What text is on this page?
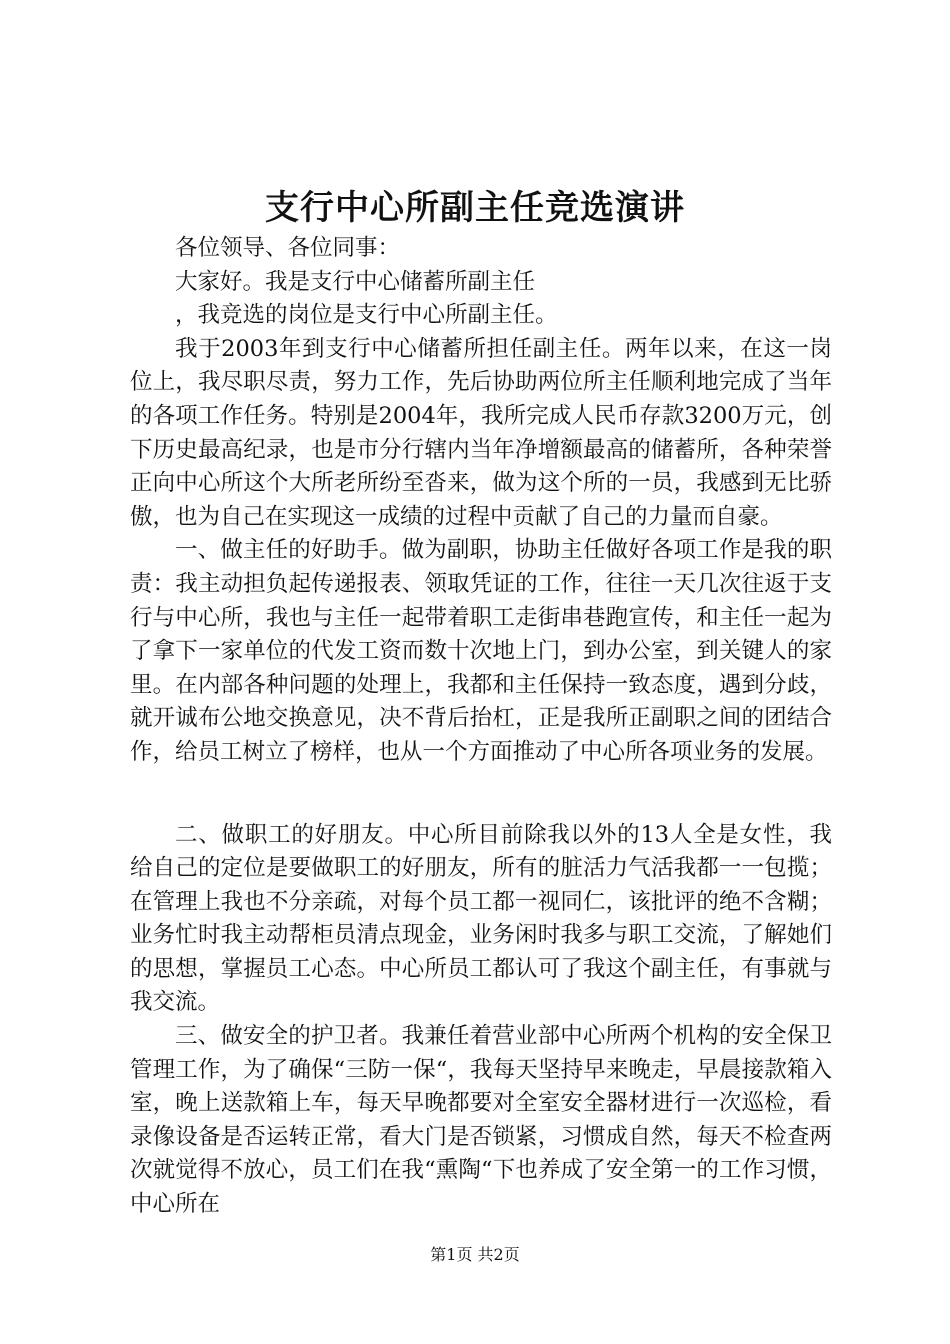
支行中心所副主任竞选演讲

各位领导、各位同事：

大家好。我是支行中心储蓄所副主任

，我竞选的岗位是支行中心所副主任。

我于2003年到支行中心储蓄所担任副主任。两年以来，在这一岗位上，我尽职尽责，努力工作，先后协助两位所主任顺利地完成了当年的各项工作任务。特别是2004年，我所完成人民币存款3200万元，创下历史最高纪录，也是市分行辖内当年净增额最高的储蓄所，各种荣誉正向中心所这个大所老所纷至沓来，做为这个所的一员，我感到无比骄傲，也为自己在实现这一成绩的过程中贡献了自己的力量而自豪。

一、做主任的好助手。做为副职，协助主任做好各项工作是我的职责：我主动担负起传递报表、领取凭证的工作，往往一天几次往返于支行与中心所，我也与主任一起带着职工走街串巷跑宣传，和主任一起为了拿下一家单位的代发工资而数十次地上门，到办公室，到关键人的家里。在内部各种问题的处理上，我都和主任保持一致态度，遇到分歧，就开诚布公地交换意见，决不背后抬杠，正是我所正副职之间的团结合作，给员工树立了榜样，也从一个方面推动了中心所各项业务的发展。

二、做职工的好朋友。中心所目前除我以外的13人全是女性，我给自己的定位是要做职工的好朋友，所有的脏活力气活我都一一包揽；在管理上我也不分亲疏，对每个员工都一视同仁，该批评的绝不含糊；业务忙时我主动帮柜员清点现金，业务闲时我多与职工交流，了解她们的思想，掌握员工心态。中心所员工都认可了我这个副主任，有事就与我交流。

三、做安全的护卫者。我兼任着营业部中心所两个机构的安全保卫管理工作，为了确保“三防一保“，我每天坚持早来晚走，早晨接款箱入室，晚上送款箱上车，每天早晚都要对全室安全器材进行一次巡检，看录像设备是否运转正常，看大门是否锁紧，习惯成自然，每天不检查两次就觉得不放心，员工们在我“熏陶“下也养成了安全第一的工作习惯，中心所在

第1页 共2页
